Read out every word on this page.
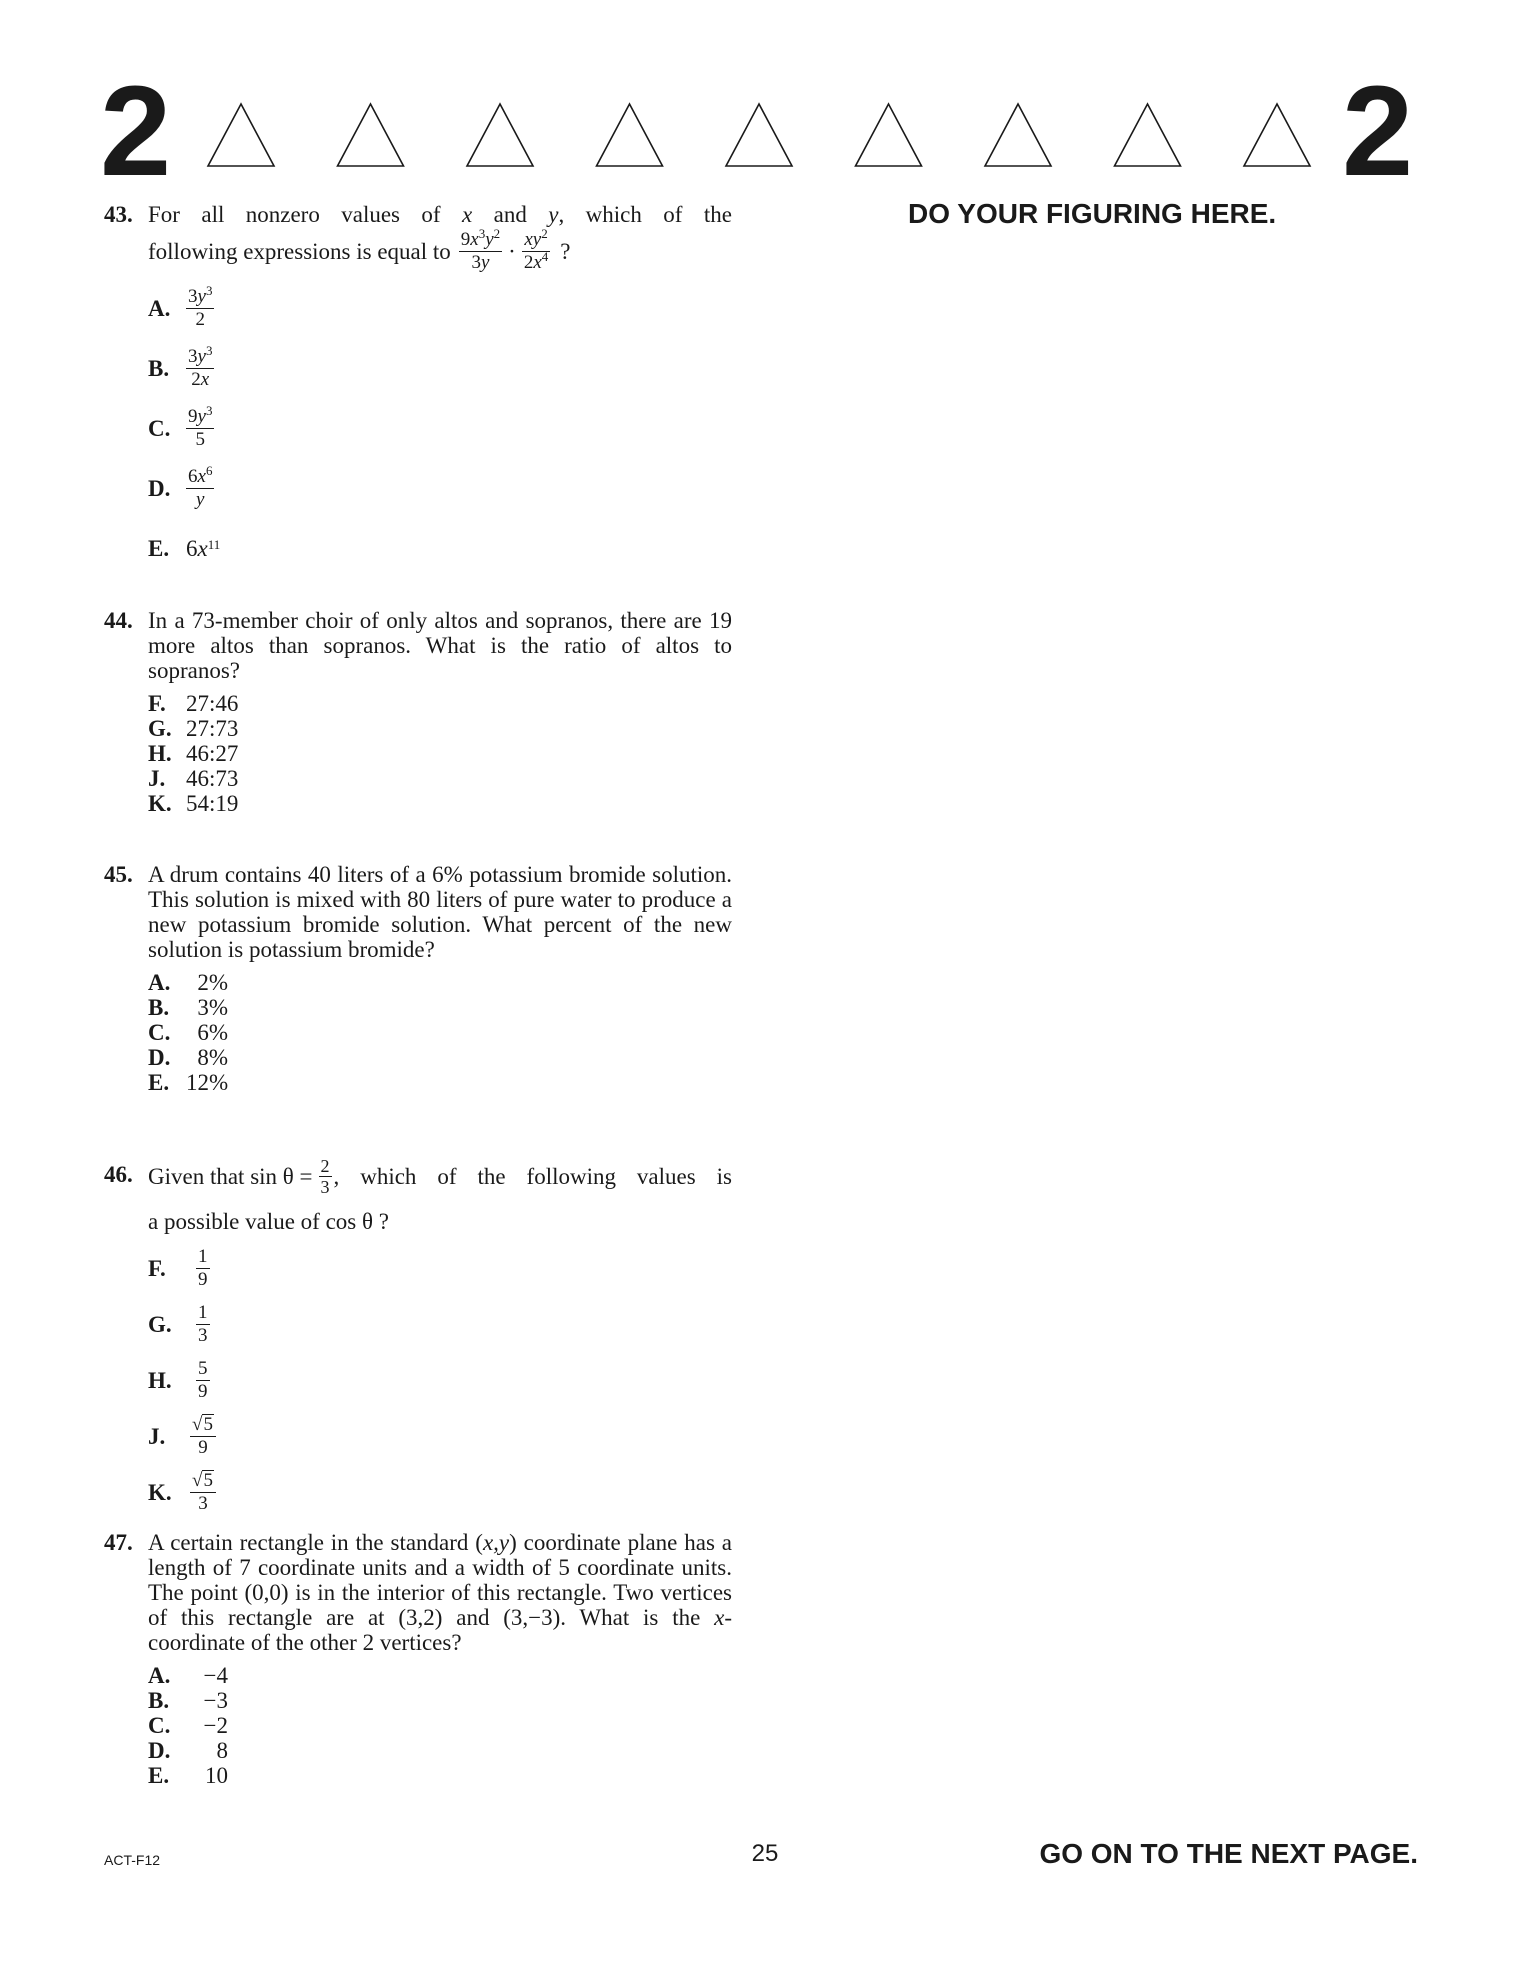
2	2
DO YOUR FIGURING HERE.
43. For all nonzero values of x and y, which of the
following expressions is equal to $\frac{9x^3y^2}{3y} \cdot \frac{xy^2}{2x^4}$ ?
A. $\frac{3y^3}{2}$
B. $\frac{3y^3}{2x}$
C. $\frac{9y^3}{5}$
D. $\frac{6x^6}{y}$
E. $6x^{11}$
44. In a 73-member choir of only altos and sopranos, there are 19 more altos than sopranos. What is the ratio of altos to sopranos?
F. 27:46
G. 27:73
H. 46:27
J. 46:73
K. 54:19
45. A drum contains 40 liters of a 6% potassium bromide solution. This solution is mixed with 80 liters of pure water to produce a new potassium bromide solution. What percent of the new solution is potassium bromide?
A.	2%
B.	3%
C.	6%
D.	8%
E. 12%
46. Given that $\sin \theta = \frac{2}{3}$ , which of the following values is
a possible value of cos θ ?
F.	$\frac{1}{9}$
G.	$\frac{1}{3}$
H.	$\frac{5}{9}$
J.	$\frac{√ 5}{9}$
K. $\frac{√ 5}{3}$
47. A certain rectangle in the standard (x,y) coordinate plane has a length of 7 coordinate units and a width of 5 coordinate units. The point (0,0) is in the interior of this rectangle. Two vertices of this rectangle are at (3,2) and (3,−3). What is the x-coordinate of the other 2 vertices?
A.	−4
B.	−3
C.	−2
D.	8
E.	10
ACT-F12	25	GO ON TO THE NEXT PAGE.
